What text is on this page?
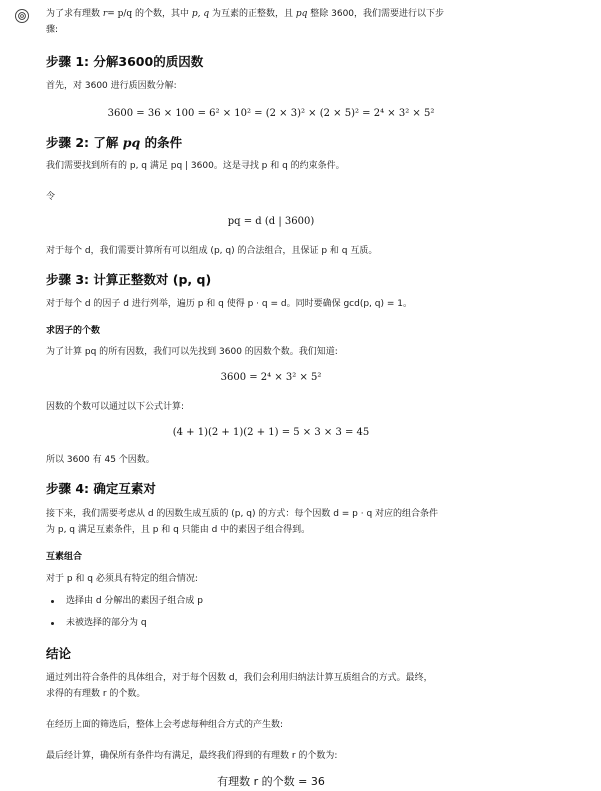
为了求有理数 r= p/q 的个数，其中 p, q 为互素的正整数，且 pq 整除 3600，我们需要进行以下步

骤:

步骤 1: 分解3600的质因数

首先，对 3600 进行质因数分解:

3600 = 36 × 100 = 6² × 10² = (2 × 3)² × (2 × 5)² = 2⁴ × 3² × 5²
步骤 2: 了解 pq 的条件

我们需要找到所有的 p, q 满足 pq | 3600。这是寻找 p 和 q 的约束条件。

令

pq = d (d | 3600)

对于每个 d，我们需要计算所有可以组成 (p, q) 的合法组合，且保证 p 和 q 互质。

步骤 3: 计算正整数对 (p, q)

对于每个 d 的因子 d 进行列举，遍历 p 和 q 使得 p · q = d。同时要确保 gcd(p, q) = 1。

求因子的个数

为了计算 pq 的所有因数，我们可以先找到 3600 的因数个数。我们知道:

3600 = 2⁴ × 3² × 5²

因数的个数可以通过以下公式计算:

(4 + 1)(2 + 1)(2 + 1) = 5 × 3 × 3 = 45

所以 3600 有 45 个因数。

步骤 4: 确定互素对

接下来，我们需要考虑从 d 的因数生成互质的 (p, q) 的方式：每个因数 d = p · q 对应的组合条件

为 p, q 满足互素条件，且 p 和 q 只能由 d 中的素因子组合得到。

互素组合

对于 p 和 q 必须具有特定的组合情况:

选择由 d 分解出的素因子组合成 p
未被选择的部分为 q
结论

通过列出符合条件的具体组合，对于每个因数 d，我们会利用归纳法计算互质组合的方式。最终，

求得的有理数 r 的个数。

在经历上面的筛选后，整体上会考虑每种组合方式的产生数:

最后经计算，确保所有条件均有满足，最终我们得到的有理数 r 的个数为:

有理数 r 的个数 = 36
